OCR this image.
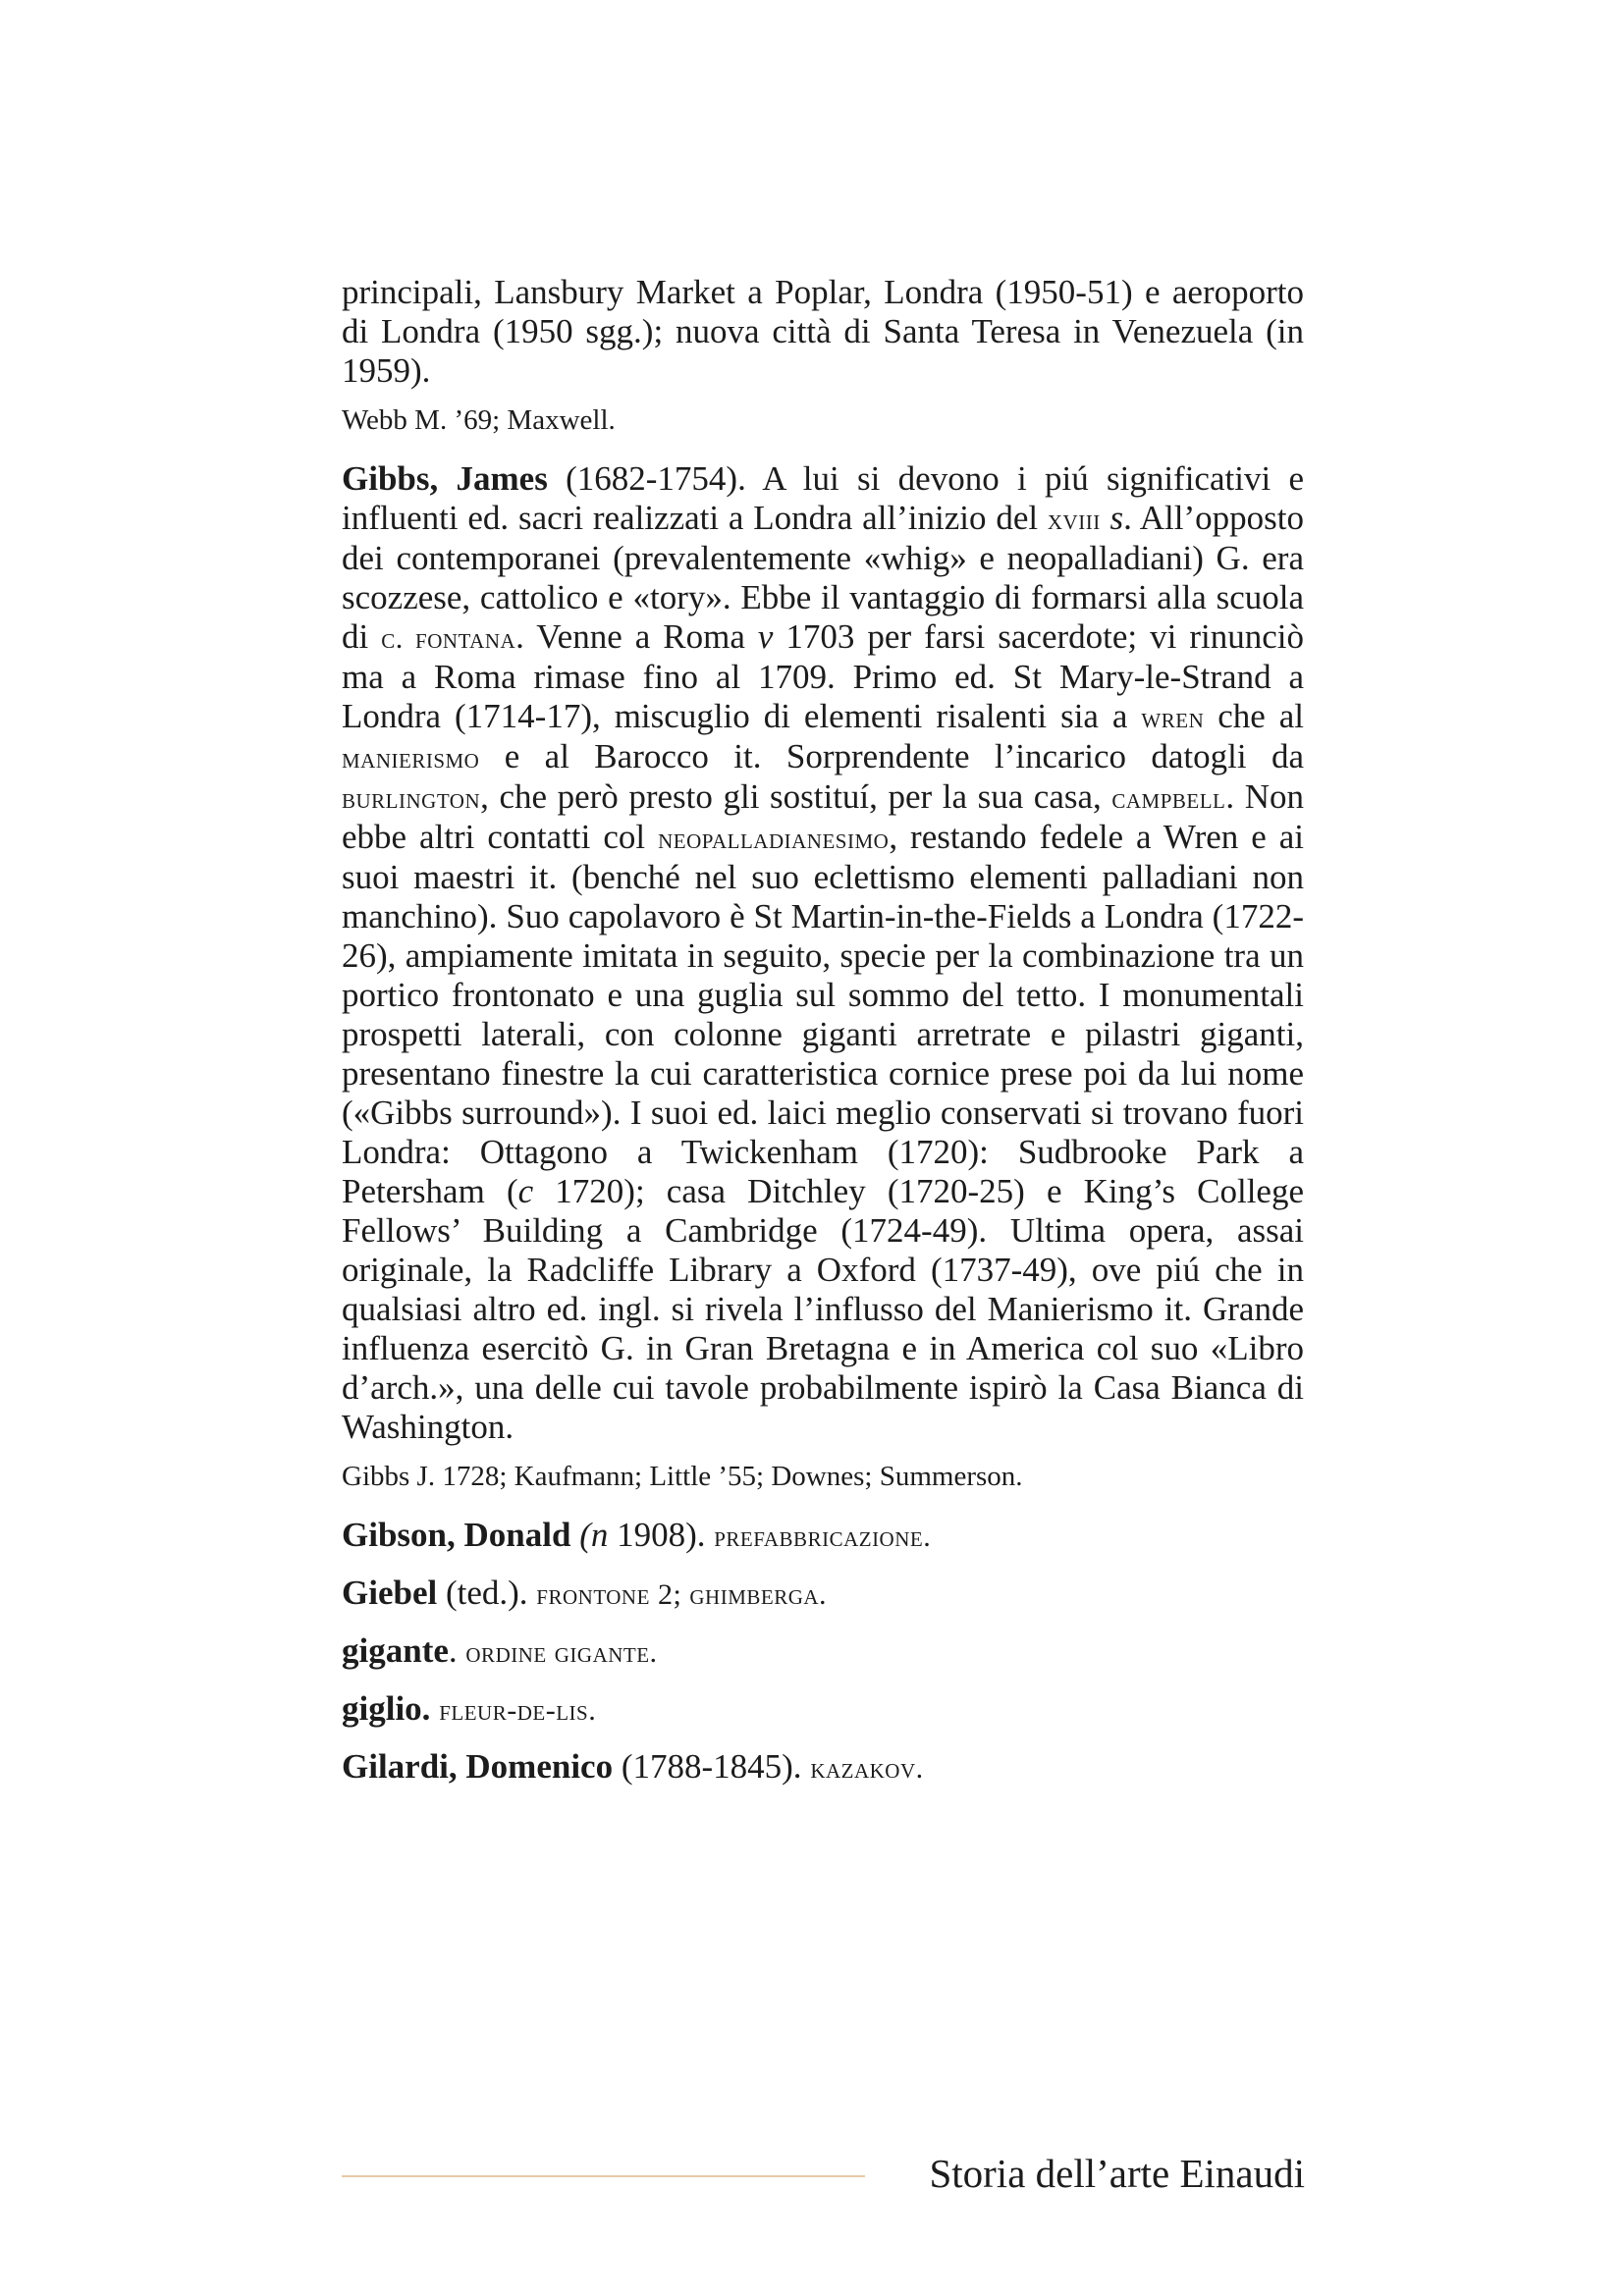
principali, Lansbury Market a Poplar, Londra (1950-51) e aeroporto di Londra (1950 sgg.); nuova città di Santa Teresa in Venezuela (in 1959).

Webb M. ’69; Maxwell.

Gibbs, James (1682-1754). A lui si devono i piú significativi e influenti ed. sacri realizzati a Londra all’inizio del xviii s. All’opposto dei contemporanei (prevalentemente «whig» e neopalladiani) G. era scozzese, cattolico e «tory». Ebbe il vantaggio di formarsi alla scuola di c. fontana. Venne a Roma v 1703 per farsi sacerdote; vi rinunciò ma a Roma rimase fino al 1709. Primo ed. St Mary-le-Strand a Londra (1714-17), miscuglio di elementi risalenti sia a wren che al manierismo e al Barocco it. Sorprendente l’incarico datogli da burlington, che però presto gli sostituí, per la sua casa, campbell. Non ebbe altri contatti col neopalladianesimo, restando fedele a Wren e ai suoi maestri it. (benché nel suo eclettismo elementi palladiani non manchino). Suo capolavoro è St Martin-in-the-Fields a Londra (1722-26), ampiamente imitata in seguito, specie per la combinazione tra un portico frontonato e una guglia sul sommo del tetto. I monumentali prospetti laterali, con colonne giganti arretrate e pilastri giganti, presentano finestre la cui caratteristica cornice prese poi da lui nome («Gibbs surround»). I suoi ed. laici meglio conservati si trovano fuori Londra: Ottagono a Twickenham (1720): Sudbrooke Park a Petersham (c 1720); casa Ditchley (1720-25) e King’s College Fellows’ Building a Cambridge (1724-49). Ultima opera, assai originale, la Radcliffe Library a Oxford (1737-49), ove piú che in qualsiasi altro ed. ingl. si rivela l’influsso del Manierismo it. Grande influenza esercitò G. in Gran Bretagna e in America col suo «Libro d’arch.», una delle cui tavole probabilmente ispirò la Casa Bianca di Washington.

Gibbs J. 1728; Kaufmann; Little ’55; Downes; Summerson.

Gibson, Donald (n 1908). prefabbricazione.

Giebel (ted.). frontone 2; ghimberga.

gigante. ordine gigante.

giglio. fleur-de-lis.

Gilardi, Domenico (1788-1845). kazakov.

Storia dell’arte Einaudi
